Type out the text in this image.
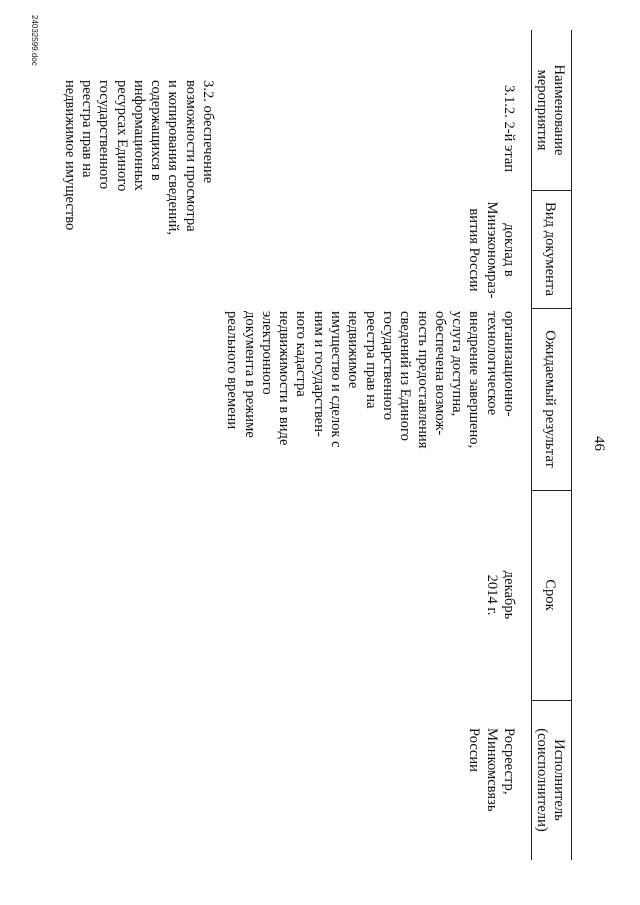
46
Наименование
мероприятия
Вид документа
Ожидаемый результат
Срок
Исполнитель
(соисполнители)
3.1.2. 2-й этап
доклад в
Минэкономраз-
вития России
организационно-
технологическое
внедрение завершено,
услуга доступна,
обеспечена возмож-
ность предоставления
сведений из Единого
государственного
реестра прав на
недвижимое
имущество и сделок с
ним и государствен-
ного кадастра
недвижимости в виде
электронного
документа в режиме
реального времени
декабрь
2014 г.
Росреестр,
Минкомсвязь
России
3.2. обеспечение
возможности просмотра
и копирования сведений,
содержащихся в
информационных
ресурсах Единого
государственного
реестра прав на
недвижимое имущество
24032599.doc
